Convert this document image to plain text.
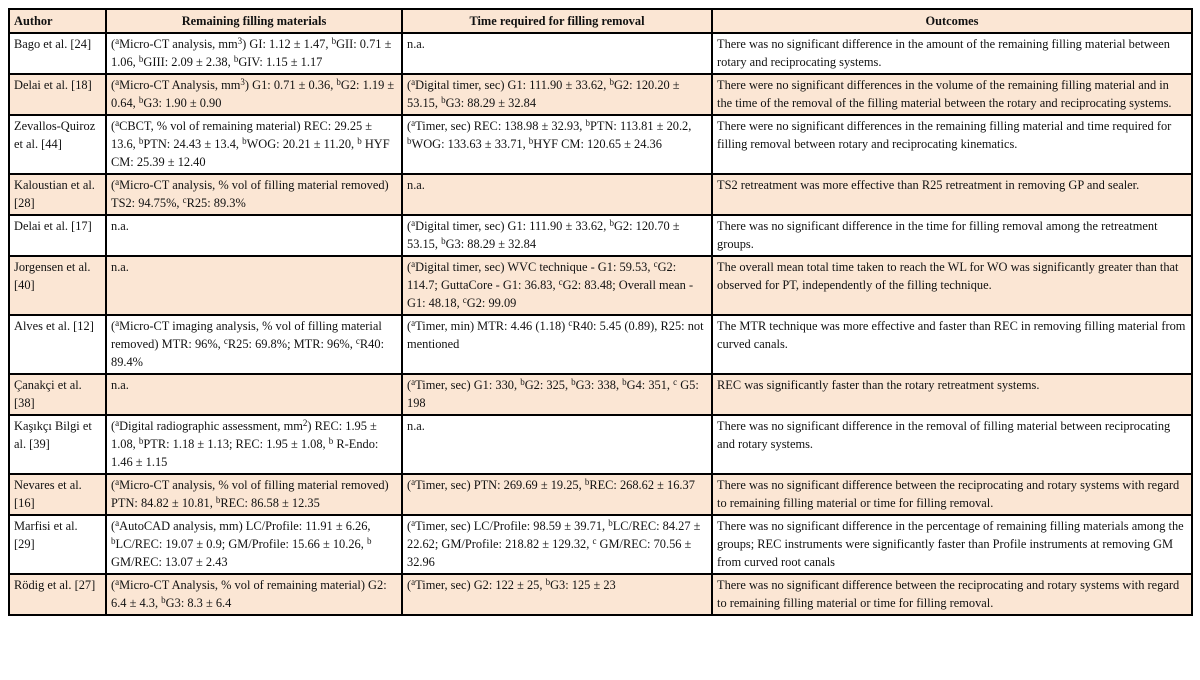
Author	Remaining filling materials	Time required for filling removal	Outcomes
Bago et al. [24]	($^a$Micro-CT analysis, $mm^3$) GI: 1.12 ± 1.47, $^b$GII: 0.71 ± 1.06, $^b$GIII: 2.09 ± 2.38, $^b$GIV: 1.15 ± 1.17	n.a.	There was no significant difference in the amount of the remaining filling material between rotary and reciprocating systems.
Delai et al. [18]	($^a$Micro-CT Analysis, $mm^3$) G1: 0.71 ± 0.36, $^b$G2: 1.19 ± 0.64, $^b$G3: 1.90 ± 0.90	($^a$Digital timer, sec) G1: 111.90 ± 33.62, $^b$G2: 120.20 ± 53.15, $^b$G3: 88.29 ± 32.84	There were no significant differences in the volume of the remaining filling material and in the time of the removal of the filling material between the rotary and reciprocating systems.
Zevallos-Quiroz et al. [44]	($^a$CBCT, % vol of remaining material) REC: 29.25 ± 13.6, $^b$PTN: 24.43 ± 13.4, $^b$WOG: 20.21 ± 11.20, $^b$ HYF CM: 25.39 ± 12.40	($^a$Timer, sec) REC: 138.98 ± 32.93, $^b$PTN: 113.81 ± 20.2, $^b$WOG: 133.63 ± 33.71, $^b$HYF CM: 120.65 ± 24.36	There were no significant differences in the remaining filling material and time required for filling removal between rotary and reciprocating kinematics.
Kaloustian et al. [28]	($^a$Micro-CT analysis, % vol of filling material removed) TS2: 94.75%, $^c$R25: 89.3%	n.a.	TS2 retreatment was more effective than R25 retreatment in removing GP and sealer.
Delai et al. [17]	n.a.	($^a$Digital timer, sec) G1: 111.90 ± 33.62, $^b$G2: 120.70 ± 53.15, $^b$G3: 88.29 ± 32.84	There was no significant difference in the time for filling removal among the retreatment groups.
Jorgensen et al. [40]	n.a.	($^a$Digital timer, sec) WVC technique - G1: 59.53, $^c$G2: 114.7; GuttaCore - G1: 36.83, $^c$G2: 83.48; Overall mean - G1: 48.18, $^c$G2: 99.09	The overall mean total time taken to reach the WL for WO was significantly greater than that observed for PT, independently of the filling technique.
Alves et al. [12]	($^a$Micro-CT imaging analysis, % vol of filling material removed) MTR: 96%, $^c$R25: 69.8%; MTR: 96%, $^c$R40: 89.4%	($^a$Timer, min) MTR: 4.46 (1.18) $^c$R40: 5.45 (0.89), R25: not mentioned	The MTR technique was more effective and faster than REC in removing filling material from curved canals.
Çanakçi et al. [38]	n.a.	($^a$Timer, sec) G1: 330, $^b$G2: 325, $^b$G3: 338, $^b$G4: 351, $^c$ G5: 198	REC was significantly faster than the rotary retreatment systems.
Kaşıkçı Bilgi et al. [39]	($^a$Digital radiographic assessment, $mm^2$) REC: 1.95 ± 1.08, $^b$PTR: 1.18 ± 1.13; REC: 1.95 ± 1.08, $^b$ R-Endo: 1.46 ± 1.15	n.a.	There was no significant difference in the removal of filling material between reciprocating and rotary systems.
Nevares et al. [16]	($^a$Micro-CT analysis, % vol of filling material removed) PTN: 84.82 ± 10.81, $^b$REC: 86.58 ± 12.35	($^a$Timer, sec) PTN: 269.69 ± 19.25, $^b$REC: 268.62 ± 16.37	There was no significant difference between the reciprocating and rotary systems with regard to remaining filling material or time for filling removal.
Marfisi et al. [29]	($^a$AutoCAD analysis, mm) LC/Profile: 11.91 ± 6.26, $^b$LC/REC: 19.07 ± 0.9; GM/Profile: 15.66 ± 10.26, $^b$ GM/REC: 13.07 ± 2.43	($^a$Timer, sec) LC/Profile: 98.59 ± 39.71, $^b$LC/REC: 84.27 ± 22.62; GM/Profile: 218.82 ± 129.32, $^c$ GM/REC: 70.56 ± 32.96	There was no significant difference in the percentage of remaining filling materials among the groups; REC instruments were significantly faster than Profile instruments at removing GM from curved root canals
Rödig et al. [27]	($^a$Micro-CT Analysis, % vol of remaining material) G2: 6.4 ± 4.3, $^b$G3: 8.3 ± 6.4	($^a$Timer, sec) G2: 122 ± 25, $^b$G3: 125 ± 23	There was no significant difference between the reciprocating and rotary systems with regard to remaining filling material or time for filling removal.
